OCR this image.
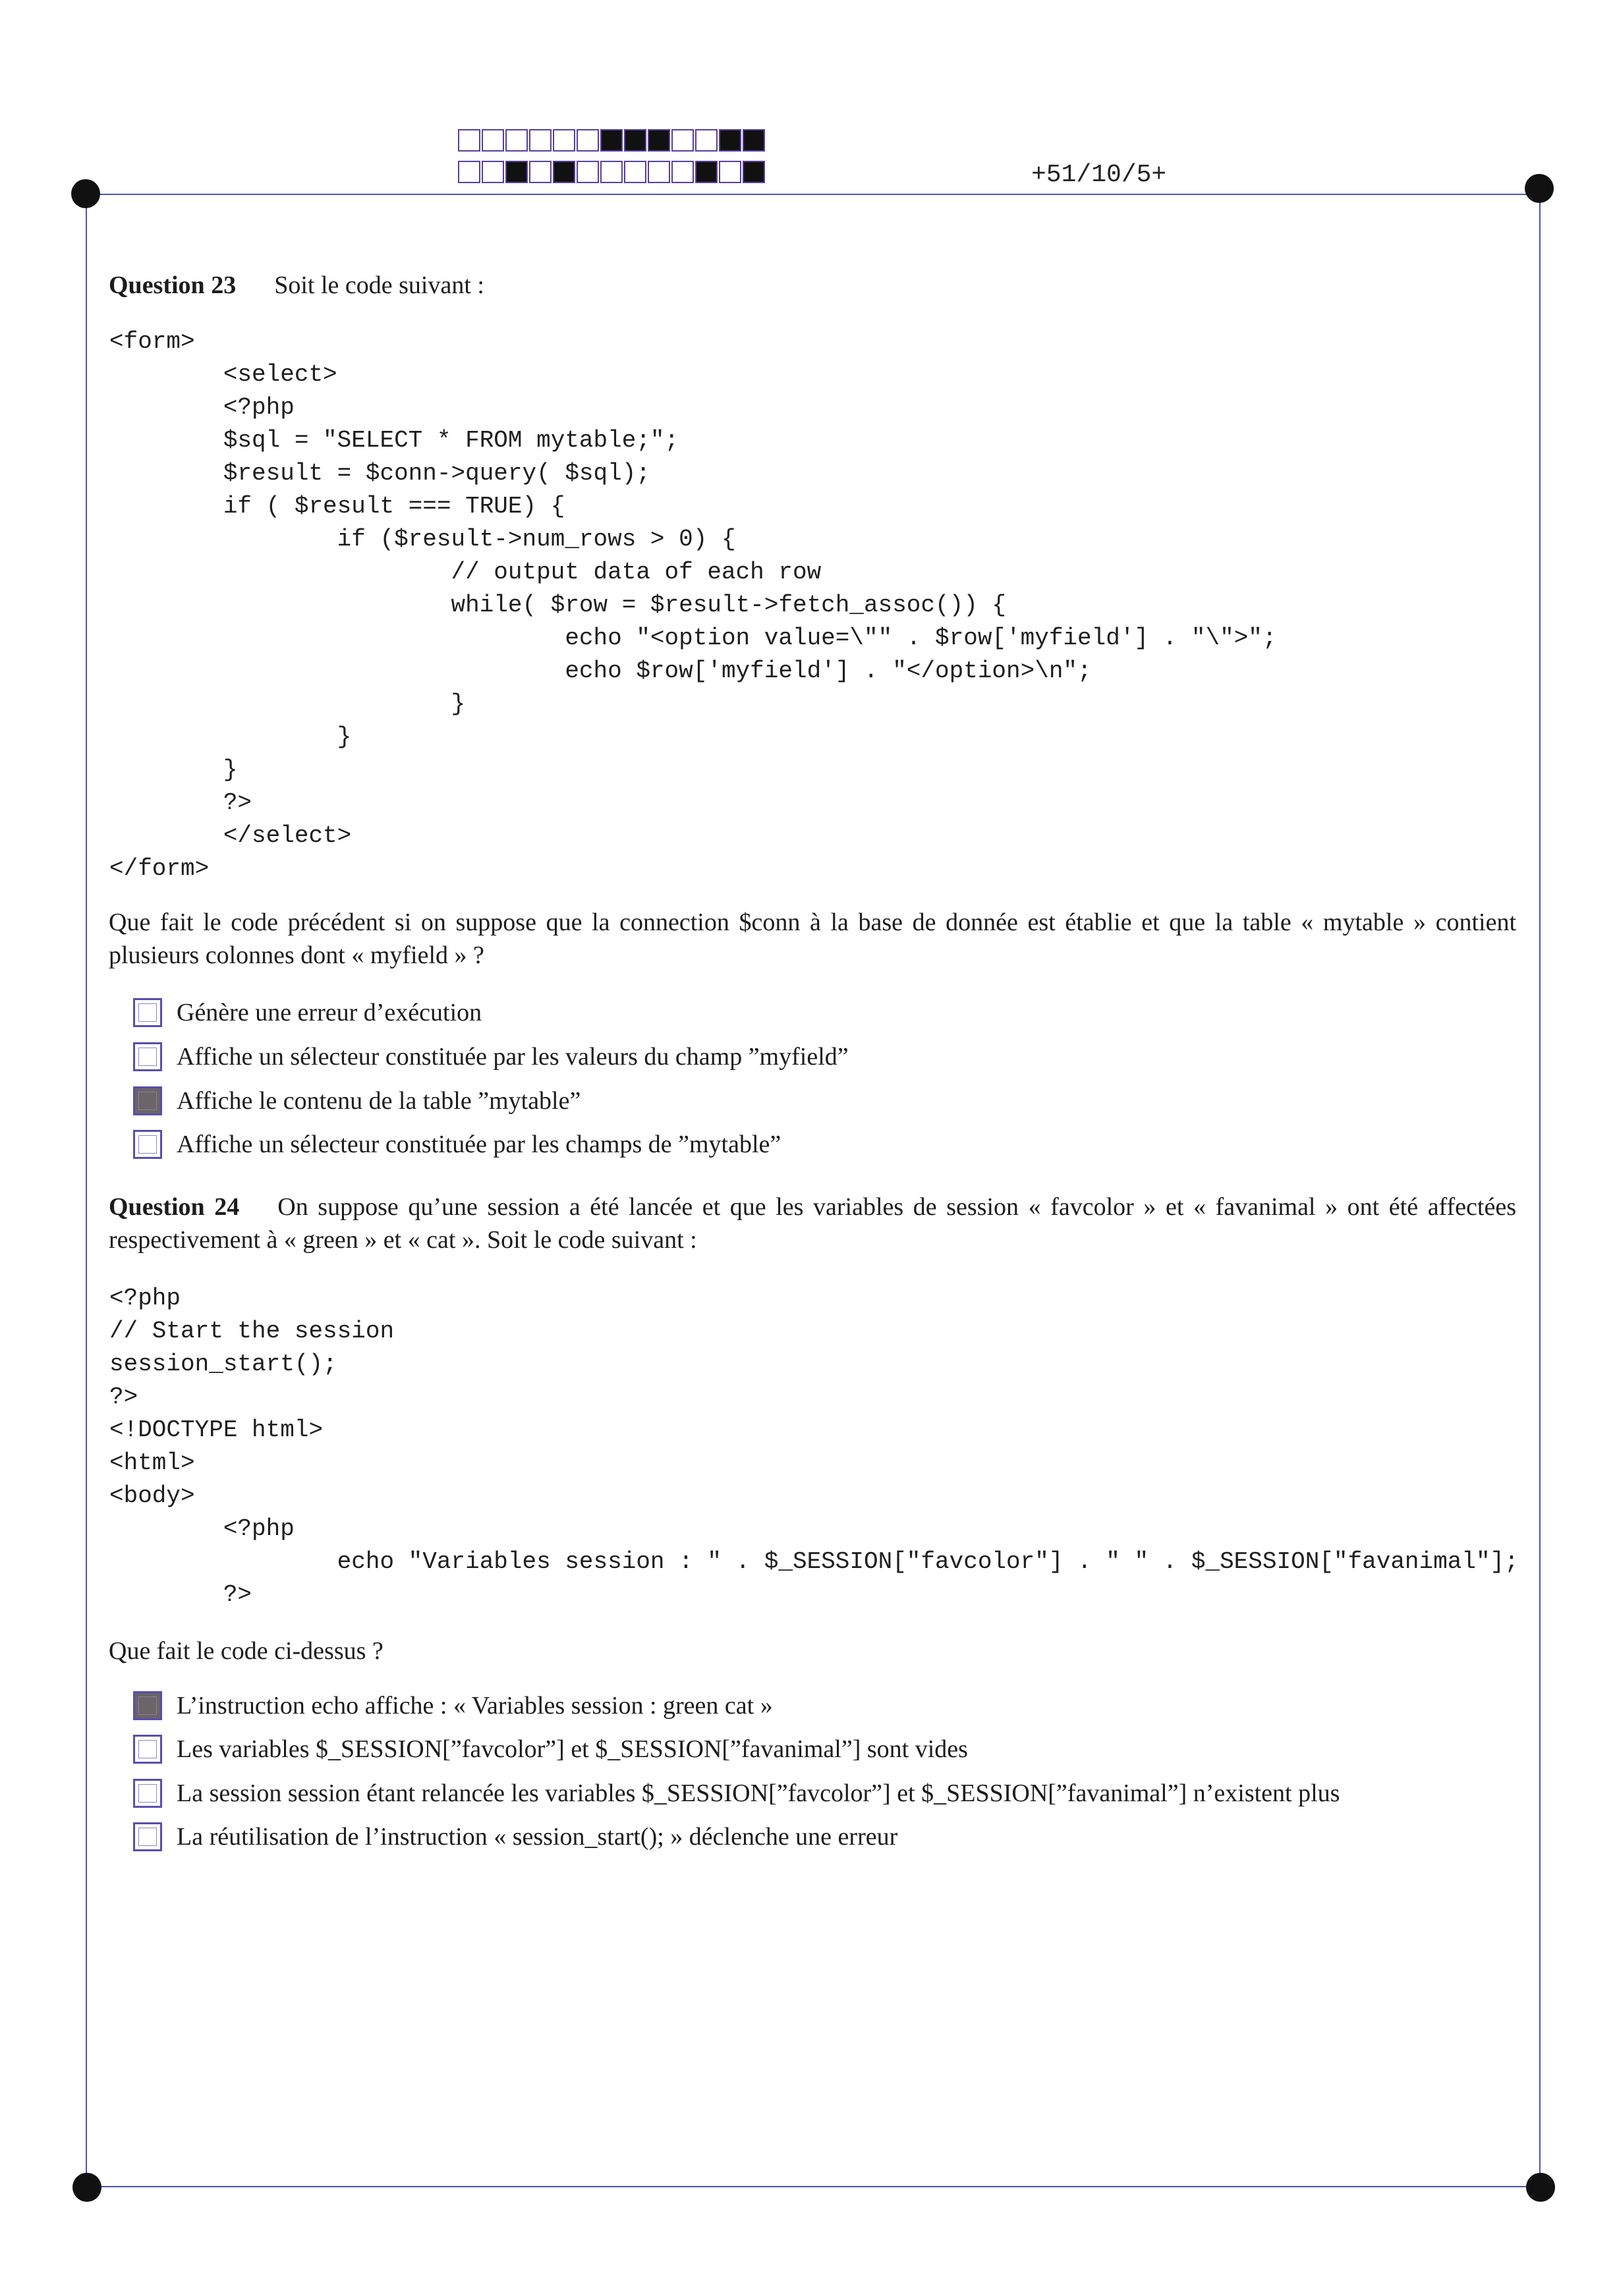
+51/10/5+
Question 23 Soit le code suivant :
<form>
<select>
<?php
$sql = "SELECT * FROM mytable;";
$result = $conn->query( $sql);
if ( $result === TRUE) {
if ($result->num_rows > 0) {
// output data of each row
while( $row = $result->fetch_assoc()) {
echo "<option value=\"" . $row['myfield'] . "\">";
echo $row['myfield'] . "</option>\n";
}
}
}
?>
</select>
</form>
Que fait le code précédent si on suppose que la connection $conn à la base de donnée est établie et que la table « mytable » contient plusieurs colonnes dont « myfield » ?
Génère une erreur d’exécution
Affiche un sélecteur constituée par les valeurs du champ ”myfield”
Affiche le contenu de la table ”mytable”
Affiche un sélecteur constituée par les champs de ”mytable”
Question 24 On suppose qu’une session a été lancée et que les variables de session « favcolor » et « favanimal » ont été affectées respectivement à « green » et « cat ». Soit le code suivant :
<?php
// Start the session
session_start();
?>
<!DOCTYPE html>
<html>
<body>
<?php
echo "Variables session : " . $_SESSION["favcolor"] . " " . $_SESSION["favanimal"];
?>
Que fait le code ci-dessus ?
L’instruction echo affiche : « Variables session : green cat »
Les variables $_SESSION[”favcolor”] et $_SESSION[”favanimal”] sont vides
La session session étant relancée les variables $_SESSION[”favcolor”] et $_SESSION[”favanimal”] n’existent plus
La réutilisation de l’instruction « session_start(); » déclenche une erreur
